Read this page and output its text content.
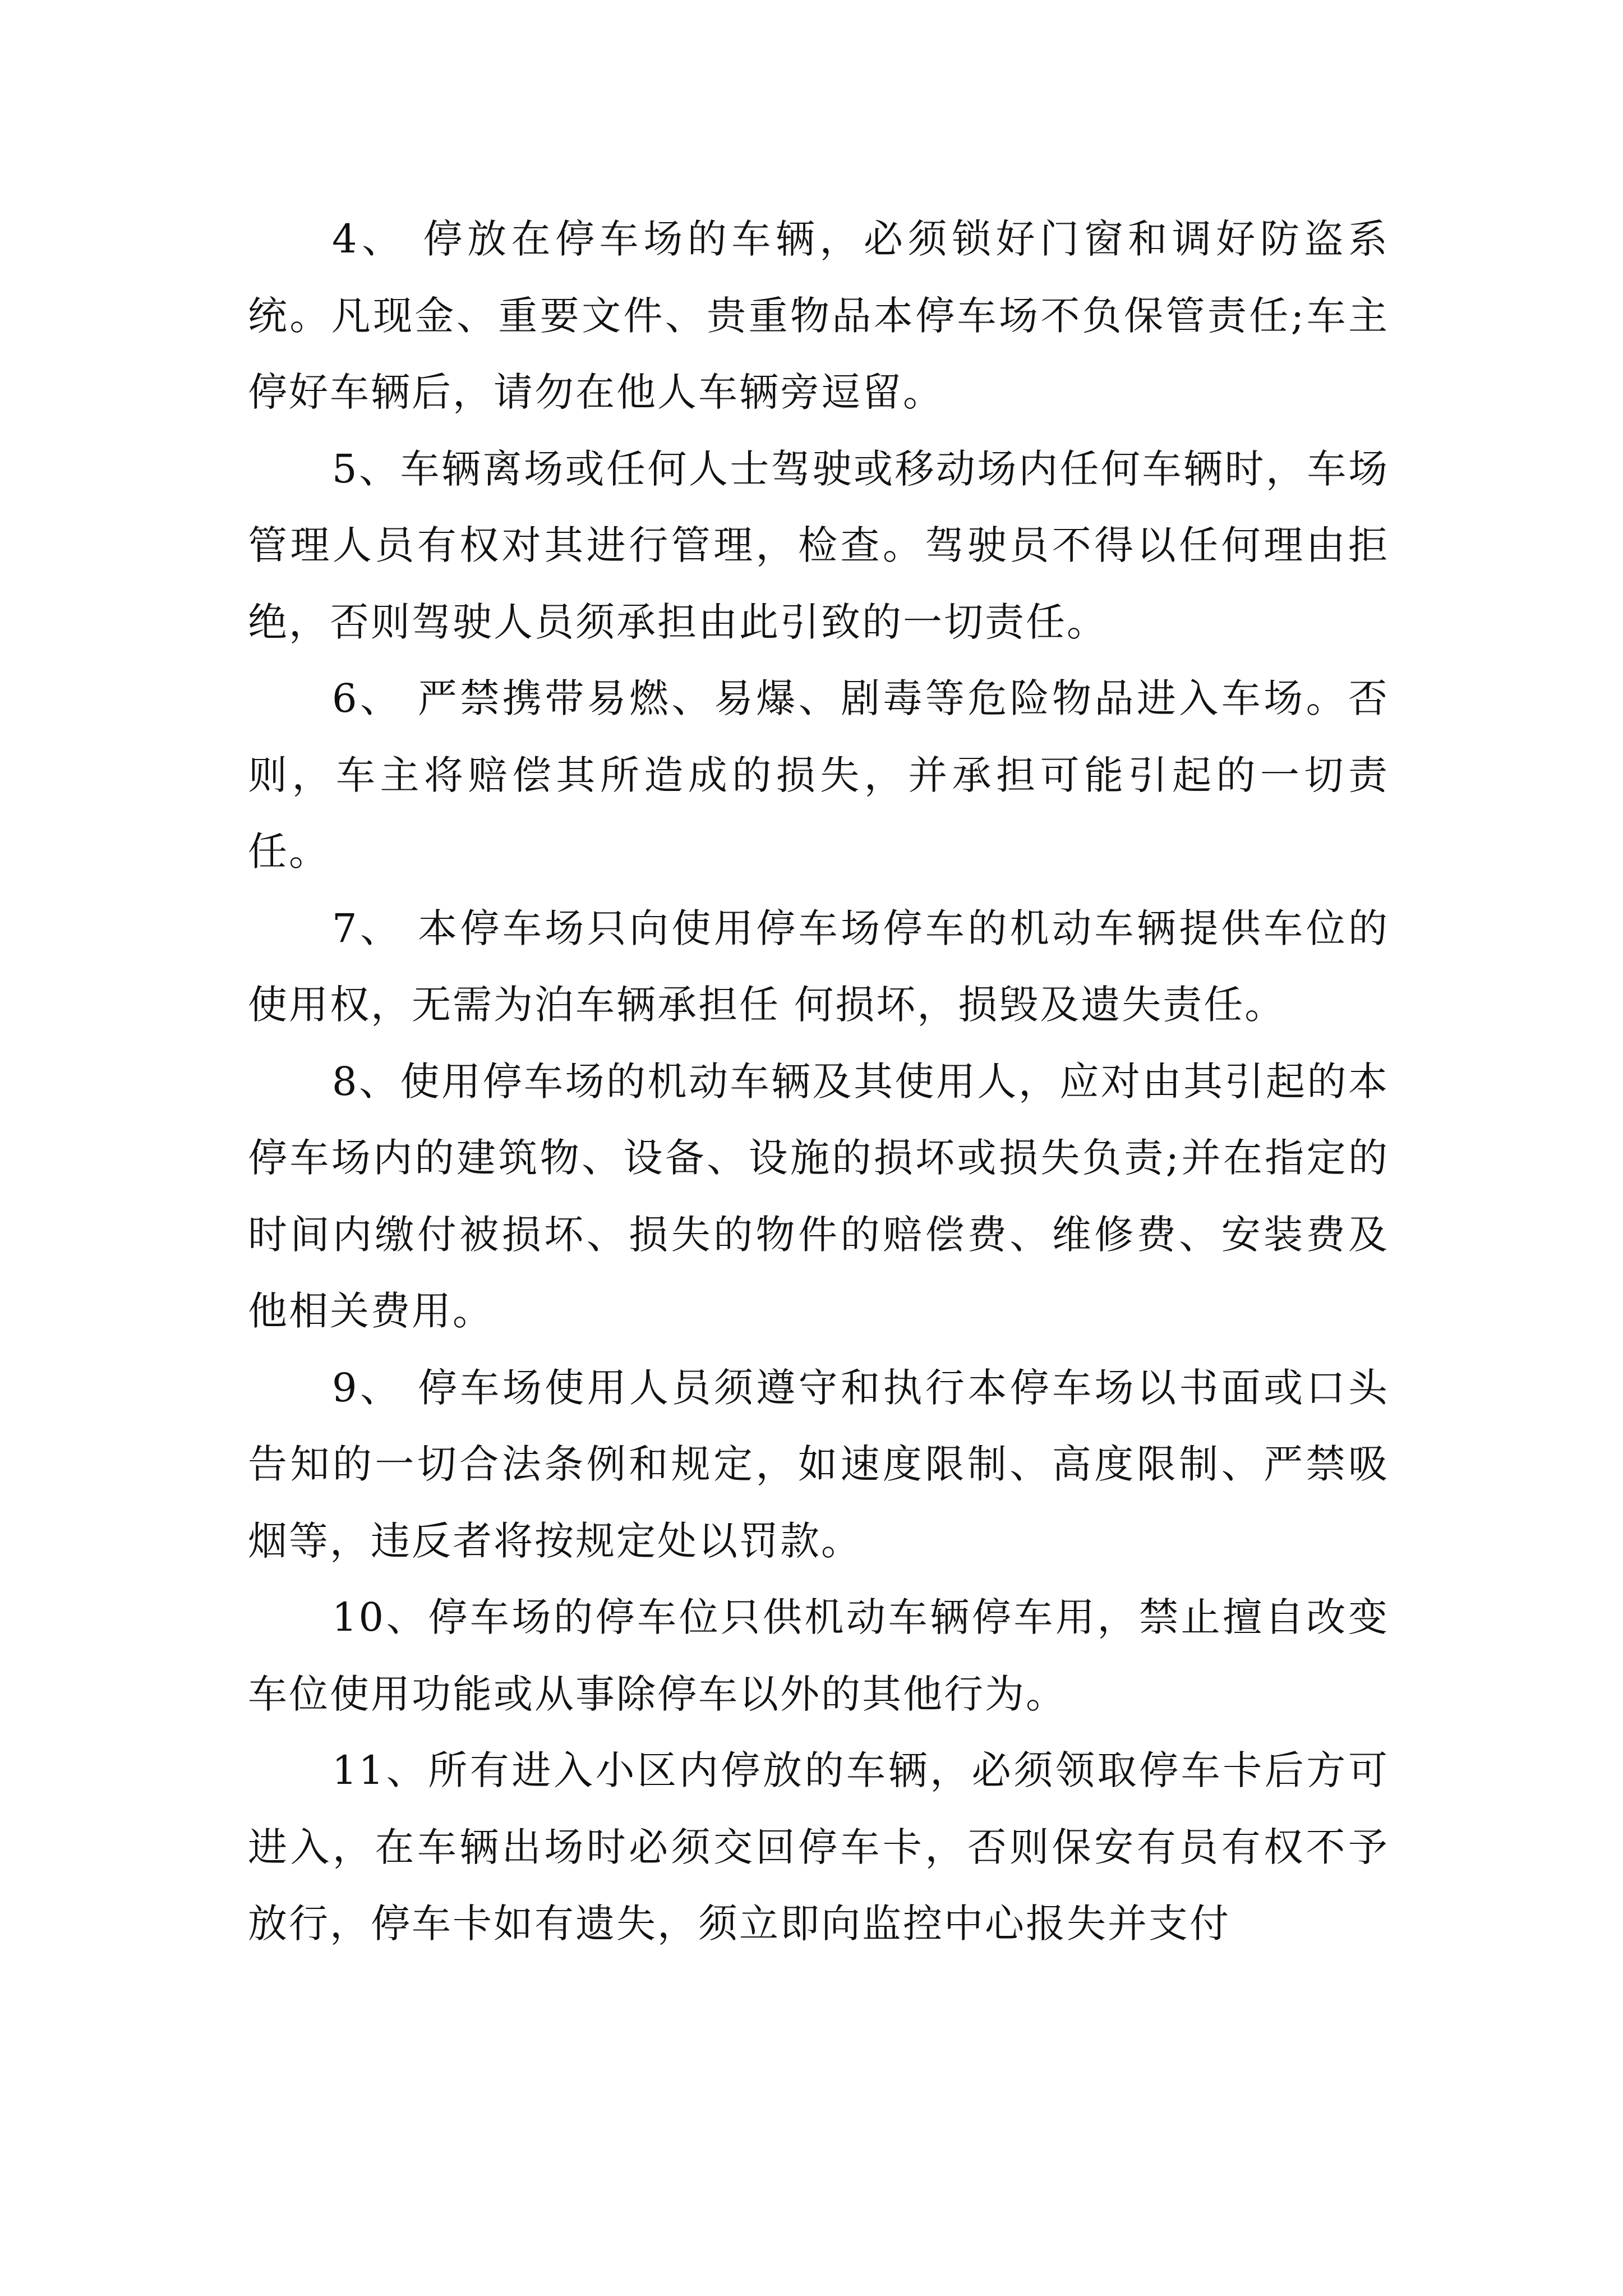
4、 停放在停车场的车辆，必须锁好门窗和调好防盗系统。凡现金、重要文件、贵重物品本停车场不负保管责任;车主停好车辆后，请勿在他人车辆旁逗留。

5、车辆离场或任何人士驾驶或移动场内任何车辆时，车场管理人员有权对其进行管理，检查。驾驶员不得以任何理由拒绝，否则驾驶人员须承担由此引致的一切责任。

6、 严禁携带易燃、易爆、剧毒等危险物品进入车场。否则，车主将赔偿其所造成的损失，并承担可能引起的一切责任。

7、 本停车场只向使用停车场停车的机动车辆提供车位的使用权，无需为泊车辆承担任 何损坏，损毁及遗失责任。

8、使用停车场的机动车辆及其使用人，应对由其引起的本停车场内的建筑物、设备、设施的损坏或损失负责;并在指定的时间内缴付被损坏、损失的物件的赔偿费、维修费、安装费及他相关费用。

9、 停车场使用人员须遵守和执行本停车场以书面或口头告知的一切合法条例和规定，如速度限制、高度限制、严禁吸烟等，违反者将按规定处以罚款。

10、停车场的停车位只供机动车辆停车用，禁止擅自改变车位使用功能或从事除停车以外的其他行为。

11、所有进入小区内停放的车辆，必须领取停车卡后方可进入，在车辆出场时必须交回停车卡，否则保安有员有权不予放行，停车卡如有遗失，须立即向监控中心报失并支付
